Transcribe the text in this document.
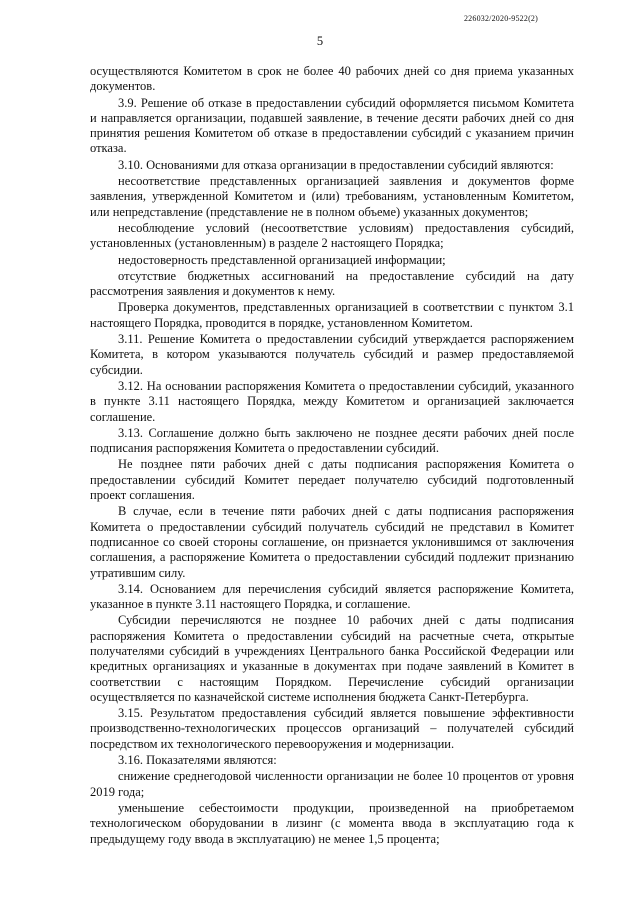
226032/2020-9522(2)
5

осуществляются Комитетом в срок не более 40 рабочих дней со дня приема указанных документов.

3.9. Решение об отказе в предоставлении субсидий оформляется письмом Комитета и направляется организации, подавшей заявление, в течение десяти рабочих дней со дня принятия решения Комитетом об отказе в предоставлении субсидий с указанием причин отказа.

3.10. Основаниями для отказа организации в предоставлении субсидий являются:

несоответствие представленных организацией заявления и документов форме заявления, утвержденной Комитетом и (или) требованиям, установленным Комитетом, или непредставление (представление не в полном объеме) указанных документов;

несоблюдение условий (несоответствие условиям) предоставления субсидий, установленных (установленным) в разделе 2 настоящего Порядка;

недостоверность представленной организацией информации;

отсутствие бюджетных ассигнований на предоставление субсидий на дату рассмотрения заявления и документов к нему.

Проверка документов, представленных организацией в соответствии с пунктом 3.1 настоящего Порядка, проводится в порядке, установленном Комитетом.

3.11. Решение Комитета о предоставлении субсидий утверждается распоряжением Комитета, в котором указываются получатель субсидий и размер предоставляемой субсидии.

3.12. На основании распоряжения Комитета о предоставлении субсидий, указанного в пункте 3.11 настоящего Порядка, между Комитетом и организацией заключается соглашение.

3.13. Соглашение должно быть заключено не позднее десяти рабочих дней после подписания распоряжения Комитета о предоставлении субсидий.

Не позднее пяти рабочих дней с даты подписания распоряжения Комитета о предоставлении субсидий Комитет передает получателю субсидий подготовленный проект соглашения.

В случае, если в течение пяти рабочих дней с даты подписания распоряжения Комитета о предоставлении субсидий получатель субсидий не представил в Комитет подписанное со своей стороны соглашение, он признается уклонившимся от заключения соглашения, а распоряжение Комитета о предоставлении субсидий подлежит признанию утратившим силу.

3.14. Основанием для перечисления субсидий является распоряжение Комитета, указанное в пункте 3.11 настоящего Порядка, и соглашение.

Субсидии перечисляются не позднее 10 рабочих дней с даты подписания распоряжения Комитета о предоставлении субсидий на расчетные счета, открытые получателями субсидий в учреждениях Центрального банка Российской Федерации или кредитных организациях и указанные в документах при подаче заявлений в Комитет в соответствии с настоящим Порядком. Перечисление субсидий организации осуществляется по казначейской системе исполнения бюджета Санкт-Петербурга.

3.15. Результатом предоставления субсидий является повышение эффективности производственно-технологических процессов организаций – получателей субсидий посредством их технологического перевооружения и модернизации.

3.16. Показателями являются:

снижение среднегодовой численности организации не более 10 процентов от уровня 2019 года;

уменьшение себестоимости продукции, произведенной на приобретаемом технологическом оборудовании в лизинг (с момента ввода в эксплуатацию года к предыдущему году ввода в эксплуатацию) не менее 1,5 процента;
